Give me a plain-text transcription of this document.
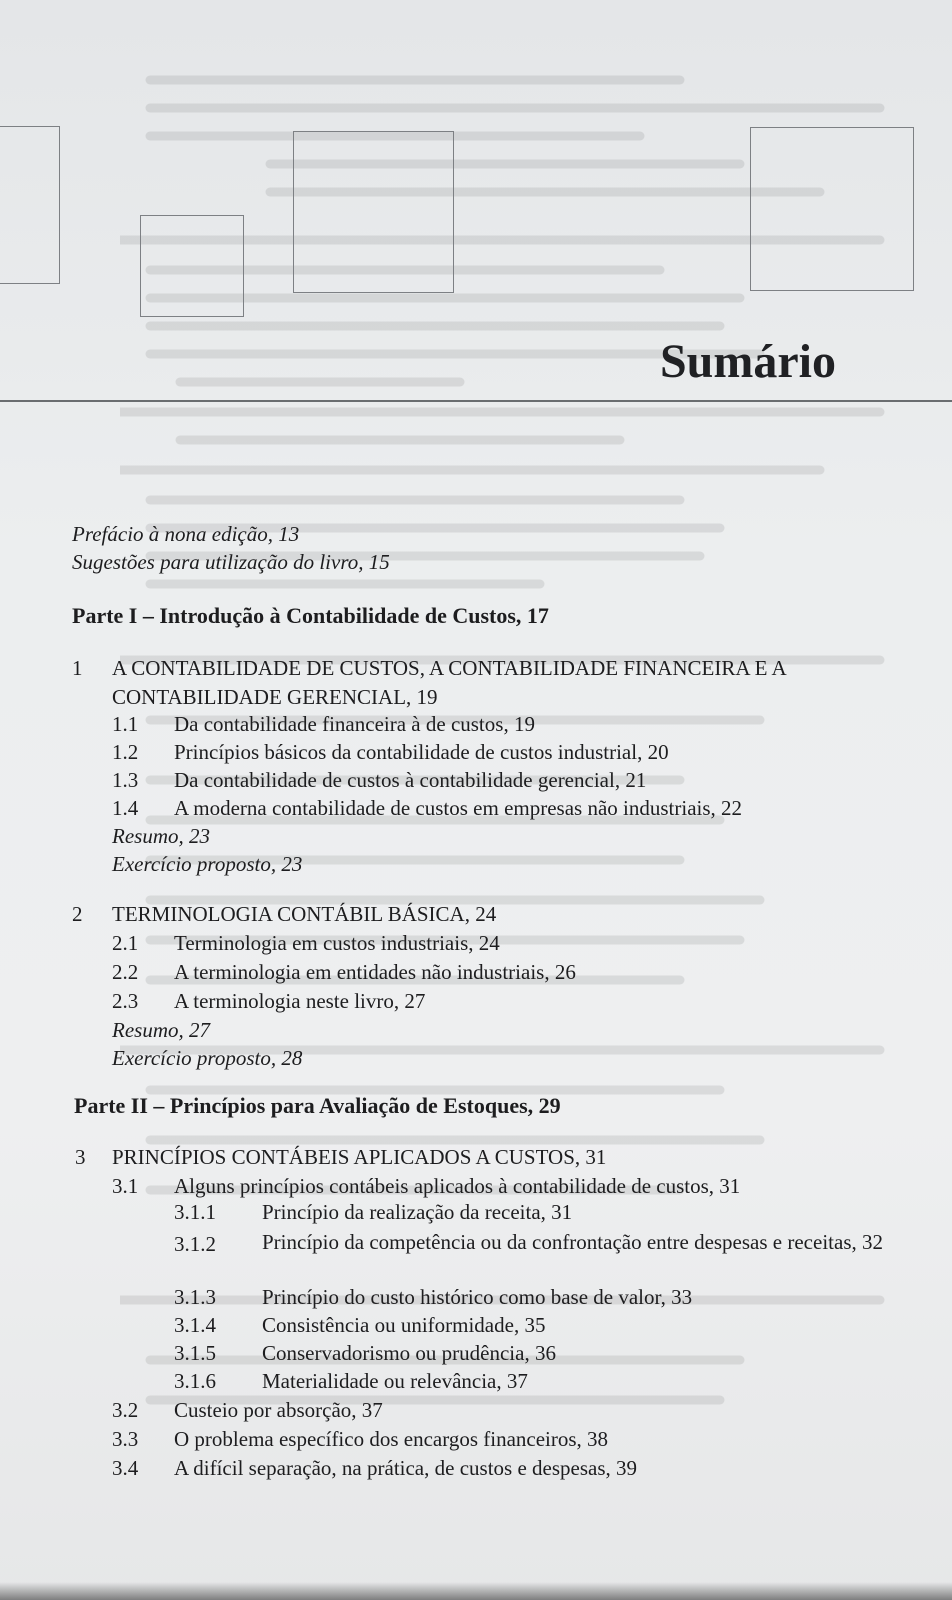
Sumário
Prefácio à nona edição, 13
Sugestões para utilização do livro, 15
Parte I – Introdução à Contabilidade de Custos, 17
1	A CONTABILIDADE DE CUSTOS, A CONTABILIDADE FINANCEIRA E A CONTABILIDADE GERENCIAL, 19
1.1 Da contabilidade financeira à de custos, 19
1.2 Princípios básicos da contabilidade de custos industrial, 20
1.3 Da contabilidade de custos à contabilidade gerencial, 21
1.4 A moderna contabilidade de custos em empresas não industriais, 22
Resumo, 23
Exercício proposto, 23
2	TERMINOLOGIA CONTÁBIL BÁSICA, 24
2.1 Terminologia em custos industriais, 24
2.2 A terminologia em entidades não industriais, 26
2.3 A terminologia neste livro, 27
Resumo, 27
Exercício proposto, 28
Parte II – Princípios para Avaliação de Estoques, 29
3	PRINCÍPIOS CONTÁBEIS APLICADOS A CUSTOS, 31
3.1 Alguns princípios contábeis aplicados à contabilidade de custos, 31
3.1.1 Princípio da realização da receita, 31
3.1.2 Princípio da competência ou da confrontação entre despesas e receitas, 32
3.1.3 Princípio do custo histórico como base de valor, 33
3.1.4 Consistência ou uniformidade, 35
3.1.5 Conservadorismo ou prudência, 36
3.1.6 Materialidade ou relevância, 37
3.2 Custeio por absorção, 37
3.3 O problema específico dos encargos financeiros, 38
3.4 A difícil separação, na prática, de custos e despesas, 39
